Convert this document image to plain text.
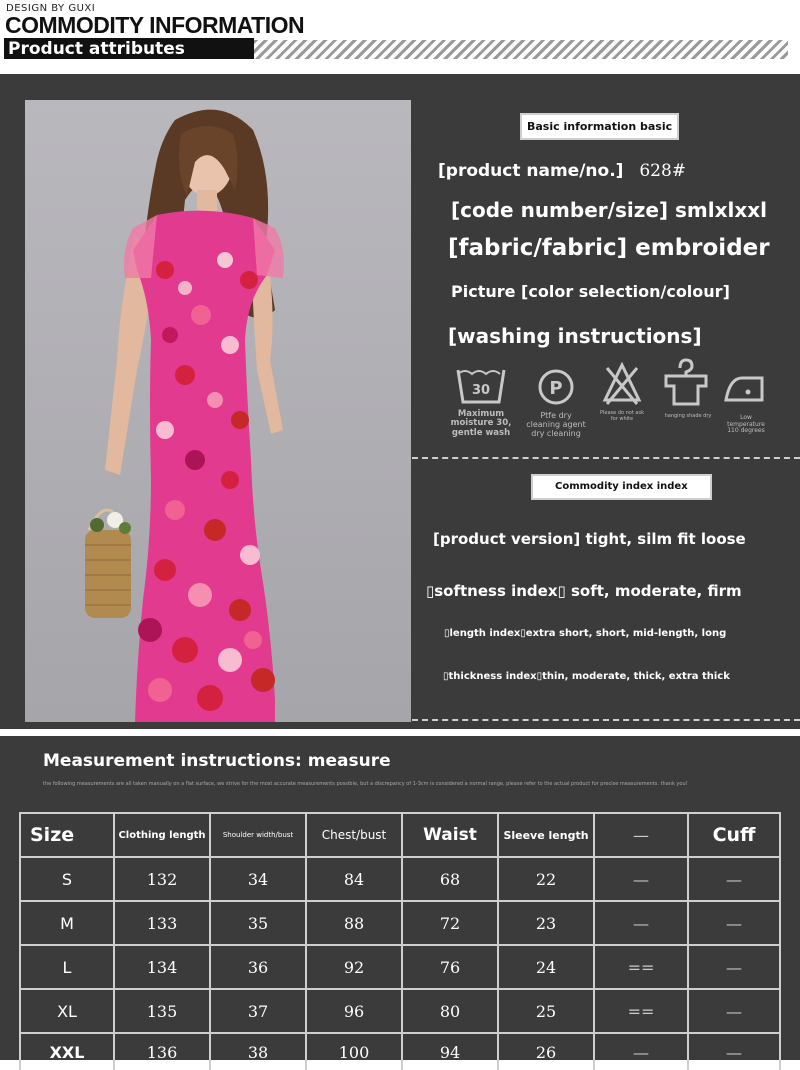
DESIGN BY GUXI
COMMODITY INFORMATION
Product attributes
Basic information basic
[product name/no.] 628#
[code number/size] smlxlxxl
[fabric/fabric] embroider
Picture [color selection/colour]
[washing instructions]
30	P
Maximum moisture 30, gentle wash
Ptfe dry cleaning agent dry cleaning
Please do not ask for white	hanging shade dry	Low temperature 110 degrees
Commodity index index
[product version] tight, silm fit loose
▯softness index▯ soft, moderate, firm
▯length index▯extra short, short, mid-length, long
▯thickness index▯thin, moderate, thick, extra thick
Measurement instructions: measure
the following measurements are all taken manually on a flat surface, we strive for the most accurate measurements possible, but a discrepancy of 1-3cm is considered a normal range, please refer to the actual product for precise measurements. thank you!
Size	Clothing length	Shoulder width/bust	Chest/bust	Waist	Sleeve length	—	Cuff
S	132	34	84	68	22	—	—
M	133	35	88	72	23	—	—
L	134	36	92	76	24	==	—
XL	135	37	96	80	25	==	—
XXL	136	38	100	94	26	—	—
